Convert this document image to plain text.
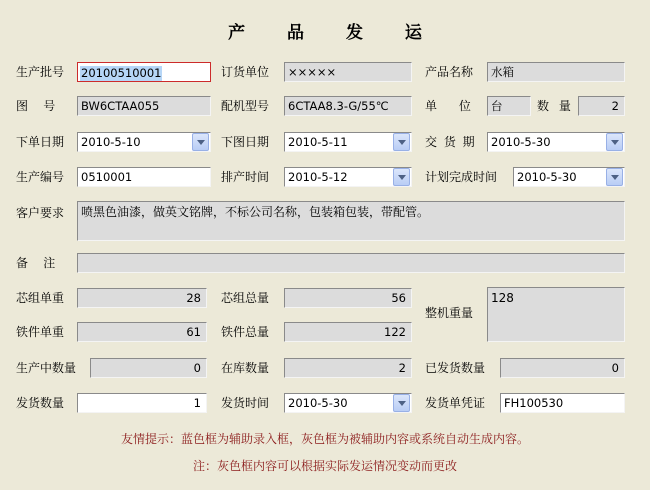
产 品 发 运
生产批号	20100510001	订货单位	×××××	产品名称	水箱
图    号	BW6CTAA055	配机型号	6CTAA8.3-G/55℃	单 位	台	数 量	2
下单日期	2010-5-10	下图日期	2010-5-11	交 货 期	2010-5-30
生产编号	0510001	排产时间	2010-5-12	计划完成时间	2010-5-30
客户要求	喷黑色油漆，做英文铭牌，不标公司名称，包装箱包装，带配管。
备    注
芯组单重	28	芯组总量	56
铁件单重	61	铁件总量	122
整机重量
128
生产中数量	0	在库数量	2	已发货数量	0
发货数量	1	发货时间	2010-5-30	发货单凭证	FH100530
友情提示：蓝色框为辅助录入框，灰色框为被辅助内容或系统自动生成内容。
注：灰色框内容可以根据实际发运情况变动而更改
